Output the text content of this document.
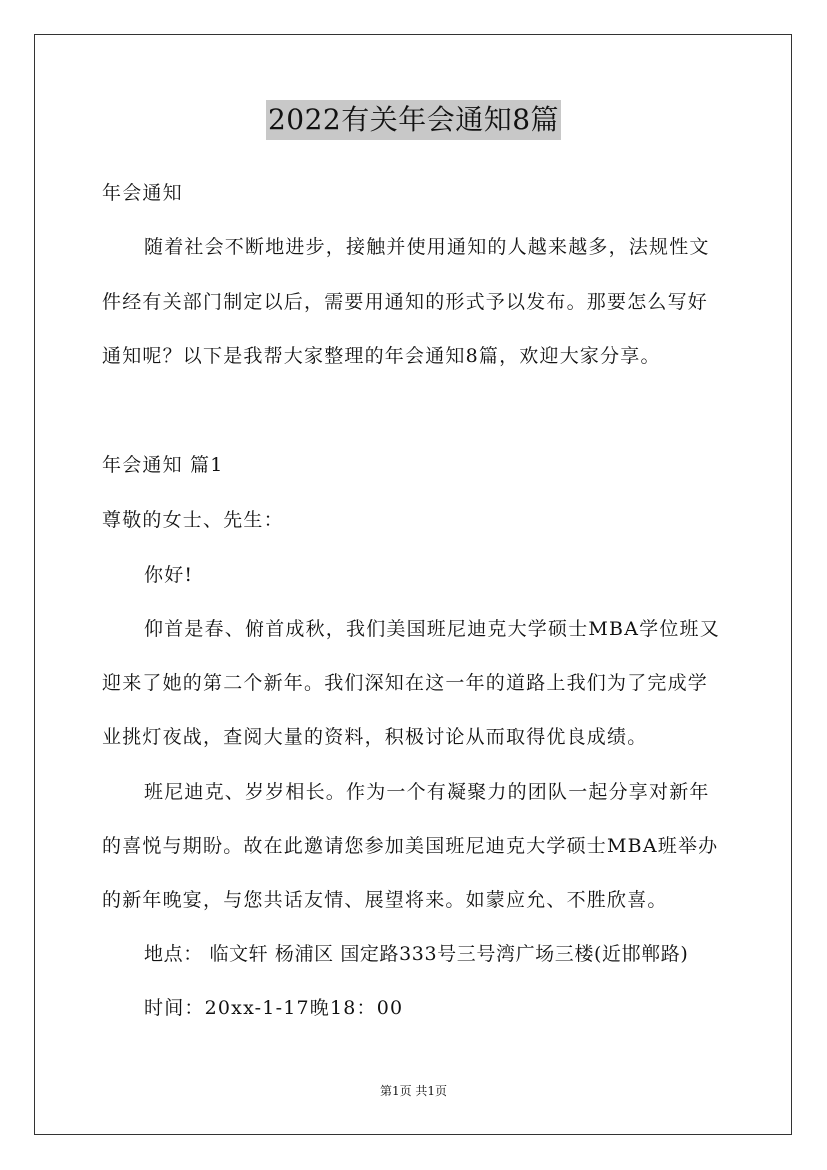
2022有关年会通知8篇
年会通知
随着社会不断地进步，接触并使用通知的人越来越多，法规性文
件经有关部门制定以后，需要用通知的形式予以发布。那要怎么写好
通知呢？以下是我帮大家整理的年会通知8篇，欢迎大家分享。
年会通知 篇1
尊敬的女士、先生：
你好!
仰首是春、俯首成秋，我们美国班尼迪克大学硕士MBA学位班又
迎来了她的第二个新年。我们深知在这一年的道路上我们为了完成学
业挑灯夜战，查阅大量的资料，积极讨论从而取得优良成绩。
班尼迪克、岁岁相长。作为一个有凝聚力的团队一起分享对新年
的喜悦与期盼。故在此邀请您参加美国班尼迪克大学硕士MBA班举办
的新年晚宴，与您共话友情、展望将来。如蒙应允、不胜欣喜。
地点： 临文轩 杨浦区 国定路333号三号湾广场三楼(近邯郸路)
时间：20xx-1-17晚18：00
第1页 共1页
